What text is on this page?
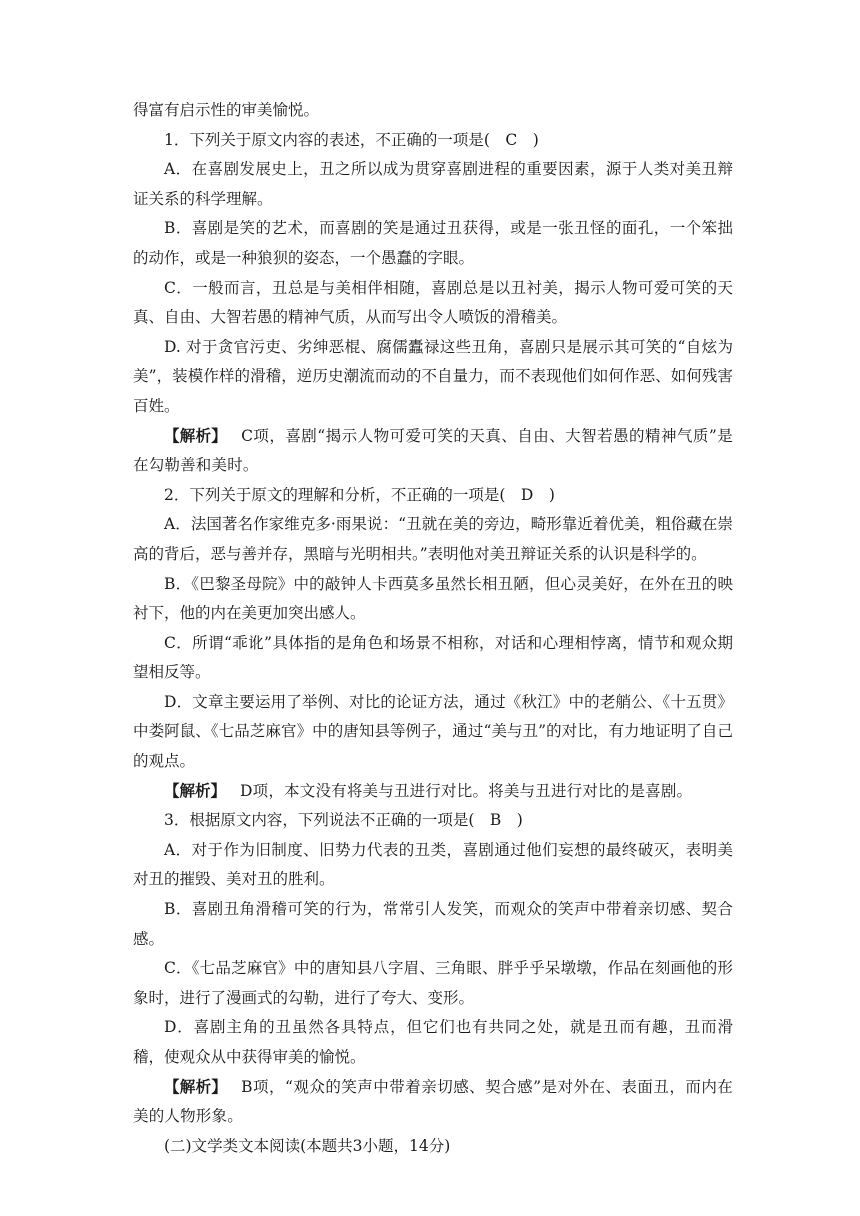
得富有启示性的审美愉悦。

1．下列关于原文内容的表述，不正确的一项是(　C　)

A．在喜剧发展史上，丑之所以成为贯穿喜剧进程的重要因素，源于人类对美丑辩证关系的科学理解。

B．喜剧是笑的艺术，而喜剧的笑是通过丑获得，或是一张丑怪的面孔，一个笨拙的动作，或是一种狼狈的姿态，一个愚蠢的字眼。

C．一般而言，丑总是与美相伴相随，喜剧总是以丑衬美，揭示人物可爱可笑的天真、自由、大智若愚的精神气质，从而写出令人喷饭的滑稽美。

D. 对于贪官污吏、劣绅恶棍、腐儒蠹禄这些丑角，喜剧只是展示其可笑的“自炫为美”，装模作样的滑稽，逆历史潮流而动的不自量力，而不表现他们如何作恶、如何残害百姓。

【解析】 C项，喜剧“揭示人物可爱可笑的天真、自由、大智若愚的精神气质”是在勾勒善和美时。

2．下列关于原文的理解和分析，不正确的一项是(　D　)

A．法国著名作家维克多·雨果说：“丑就在美的旁边，畸形靠近着优美，粗俗藏在崇高的背后，恶与善并存，黑暗与光明相共。”表明他对美丑辩证关系的认识是科学的。

B．《巴黎圣母院》中的敲钟人卡西莫多虽然长相丑陋，但心灵美好，在外在丑的映衬下，他的内在美更加突出感人。

C．所谓“乖讹”具体指的是角色和场景不相称，对话和心理相悖离，情节和观众期望相反等。

D．文章主要运用了举例、对比的论证方法，通过《秋江》中的老艄公、《十五贯》中娄阿鼠、《七品芝麻官》中的唐知县等例子，通过“美与丑”的对比，有力地证明了自己的观点。

【解析】 D项，本文没有将美与丑进行对比。将美与丑进行对比的是喜剧。

3．根据原文内容，下列说法不正确的一项是(　B　)

A．对于作为旧制度、旧势力代表的丑类，喜剧通过他们妄想的最终破灭，表明美对丑的摧毁、美对丑的胜利。

B．喜剧丑角滑稽可笑的行为，常常引人发笑，而观众的笑声中带着亲切感、契合感。

C．《七品芝麻官》中的唐知县八字眉、三角眼、胖乎乎呆墩墩，作品在刻画他的形象时，进行了漫画式的勾勒，进行了夸大、变形。

D．喜剧主角的丑虽然各具特点，但它们也有共同之处，就是丑而有趣，丑而滑稽，使观众从中获得审美的愉悦。

【解析】 B项，“观众的笑声中带着亲切感、契合感”是对外在、表面丑，而内在美的人物形象。

(二)文学类文本阅读(本题共3小题，14分)
